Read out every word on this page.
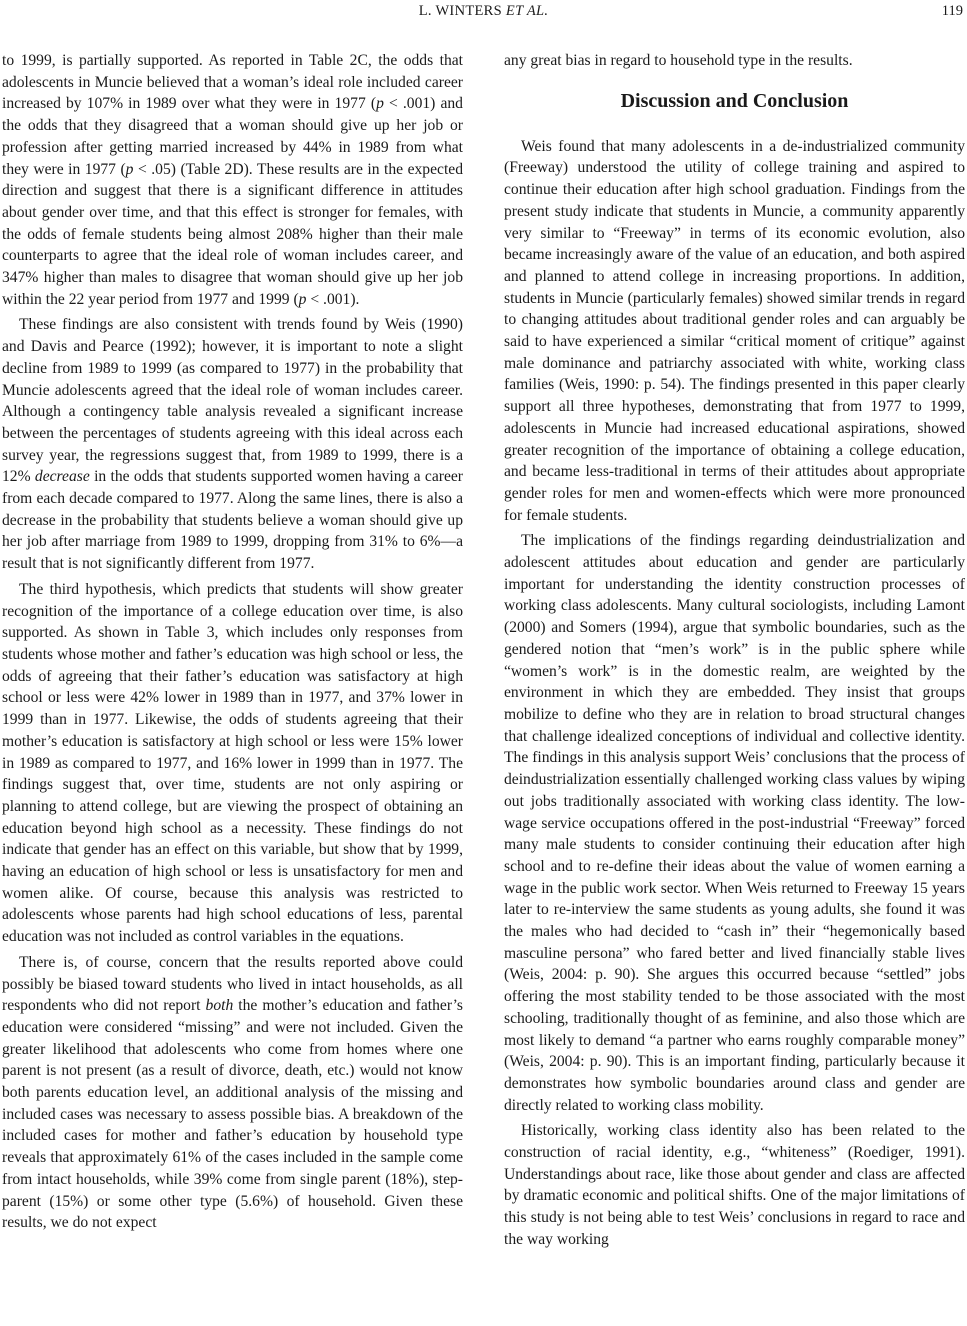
L. WINTERS ET AL.	119

to 1999, is partially supported. As reported in Table 2C, the odds that adolescents in Muncie believed that a woman’s ideal role included career increased by 107% in 1989 over what they were in 1977 (p < .001) and the odds that they disagreed that a woman should give up her job or profession after getting married increased by 44% in 1989 from what they were in 1977 (p < .05) (Table 2D). These results are in the expected direction and suggest that there is a significant difference in attitudes about gender over time, and that this effect is stronger for females, with the odds of female students being almost 208% higher than their male counterparts to agree that the ideal role of woman includes career, and 347% higher than males to disagree that woman should give up her job within the 22 year period from 1977 and 1999 (p < .001).

These findings are also consistent with trends found by Weis (1990) and Davis and Pearce (1992); however, it is important to note a slight decline from 1989 to 1999 (as compared to 1977) in the probability that Muncie adolescents agreed that the ideal role of woman includes career. Although a contingency table analysis revealed a significant increase between the percentages of students agreeing with this ideal across each survey year, the regressions suggest that, from 1989 to 1999, there is a 12% decrease in the odds that students supported women having a career from each decade compared to 1977. Along the same lines, there is also a decrease in the probability that students believe a woman should give up her job after marriage from 1989 to 1999, dropping from 31% to 6%—a result that is not significantly different from 1977.

The third hypothesis, which predicts that students will show greater recognition of the importance of a college education over time, is also supported. As shown in Table 3, which includes only responses from students whose mother and father’s education was high school or less, the odds of agreeing that their father’s education was satisfactory at high school or less were 42% lower in 1989 than in 1977, and 37% lower in 1999 than in 1977. Likewise, the odds of students agreeing that their mother’s education is satisfactory at high school or less were 15% lower in 1989 as compared to 1977, and 16% lower in 1999 than in 1977. The findings suggest that, over time, students are not only aspiring or planning to attend college, but are viewing the prospect of obtaining an education beyond high school as a necessity. These findings do not indicate that gender has an effect on this variable, but show that by 1999, having an education of high school or less is unsatisfactory for men and women alike. Of course, because this analysis was restricted to adolescents whose parents had high school educations of less, parental education was not included as control variables in the equations.

There is, of course, concern that the results reported above could possibly be biased toward students who lived in intact households, as all respondents who did not report both the mother’s education and father’s education were considered “missing” and were not included. Given the greater likelihood that adolescents who come from homes where one parent is not present (as a result of divorce, death, etc.) would not know both parents education level, an additional analysis of the missing and included cases was necessary to assess possible bias. A breakdown of the included cases for mother and father’s education by household type reveals that approximately 61% of the cases included in the sample come from intact households, while 39% come from single parent (18%), step-parent (15%) or some other type (5.6%) of household. Given these results, we do not expect

any great bias in regard to household type in the results.

Discussion and Conclusion

Weis found that many adolescents in a de-industrialized community (Freeway) understood the utility of college training and aspired to continue their education after high school graduation. Findings from the present study indicate that students in Muncie, a community apparently very similar to “Freeway” in terms of its economic evolution, also became increasingly aware of the value of an education, and both aspired and planned to attend college in increasing proportions. In addition, students in Muncie (particularly females) showed similar trends in regard to changing attitudes about traditional gender roles and can arguably be said to have experienced a similar “critical moment of critique” against male dominance and patriarchy associated with white, working class families (Weis, 1990: p. 54). The findings presented in this paper clearly support all three hypotheses, demonstrating that from 1977 to 1999, adolescents in Muncie had increased educational aspirations, showed greater recognition of the importance of obtaining a college education, and became less-traditional in terms of their attitudes about appropriate gender roles for men and women-effects which were more pronounced for female students.

The implications of the findings regarding deindustrialization and adolescent attitudes about education and gender are particularly important for understanding the identity construction processes of working class adolescents. Many cultural sociologists, including Lamont (2000) and Somers (1994), argue that symbolic boundaries, such as the gendered notion that “men’s work” is in the public sphere while “women’s work” is in the domestic realm, are weighted by the environment in which they are embedded. They insist that groups mobilize to define who they are in relation to broad structural changes that challenge idealized conceptions of individual and collective identity. The findings in this analysis support Weis’ conclusions that the process of deindustrialization essentially challenged working class values by wiping out jobs traditionally associated with working class identity. The low-wage service occupations offered in the post-industrial “Freeway” forced many male students to consider continuing their education after high school and to re-define their ideas about the value of women earning a wage in the public work sector. When Weis returned to Freeway 15 years later to re-interview the same students as young adults, she found it was the males who had decided to “cash in” their “hegemonically based masculine persona” who fared better and lived financially stable lives (Weis, 2004: p. 90). She argues this occurred because “settled” jobs offering the most stability tended to be those associated with the most schooling, traditionally thought of as feminine, and also those which are most likely to demand “a partner who earns roughly comparable money” (Weis, 2004: p. 90). This is an important finding, particularly because it demonstrates how symbolic boundaries around class and gender are directly related to working class mobility.

Historically, working class identity also has been related to the construction of racial identity, e.g., “whiteness” (Roediger, 1991). Understandings about race, like those about gender and class are affected by dramatic economic and political shifts. One of the major limitations of this study is not being able to test Weis’ conclusions in regard to race and the way working
